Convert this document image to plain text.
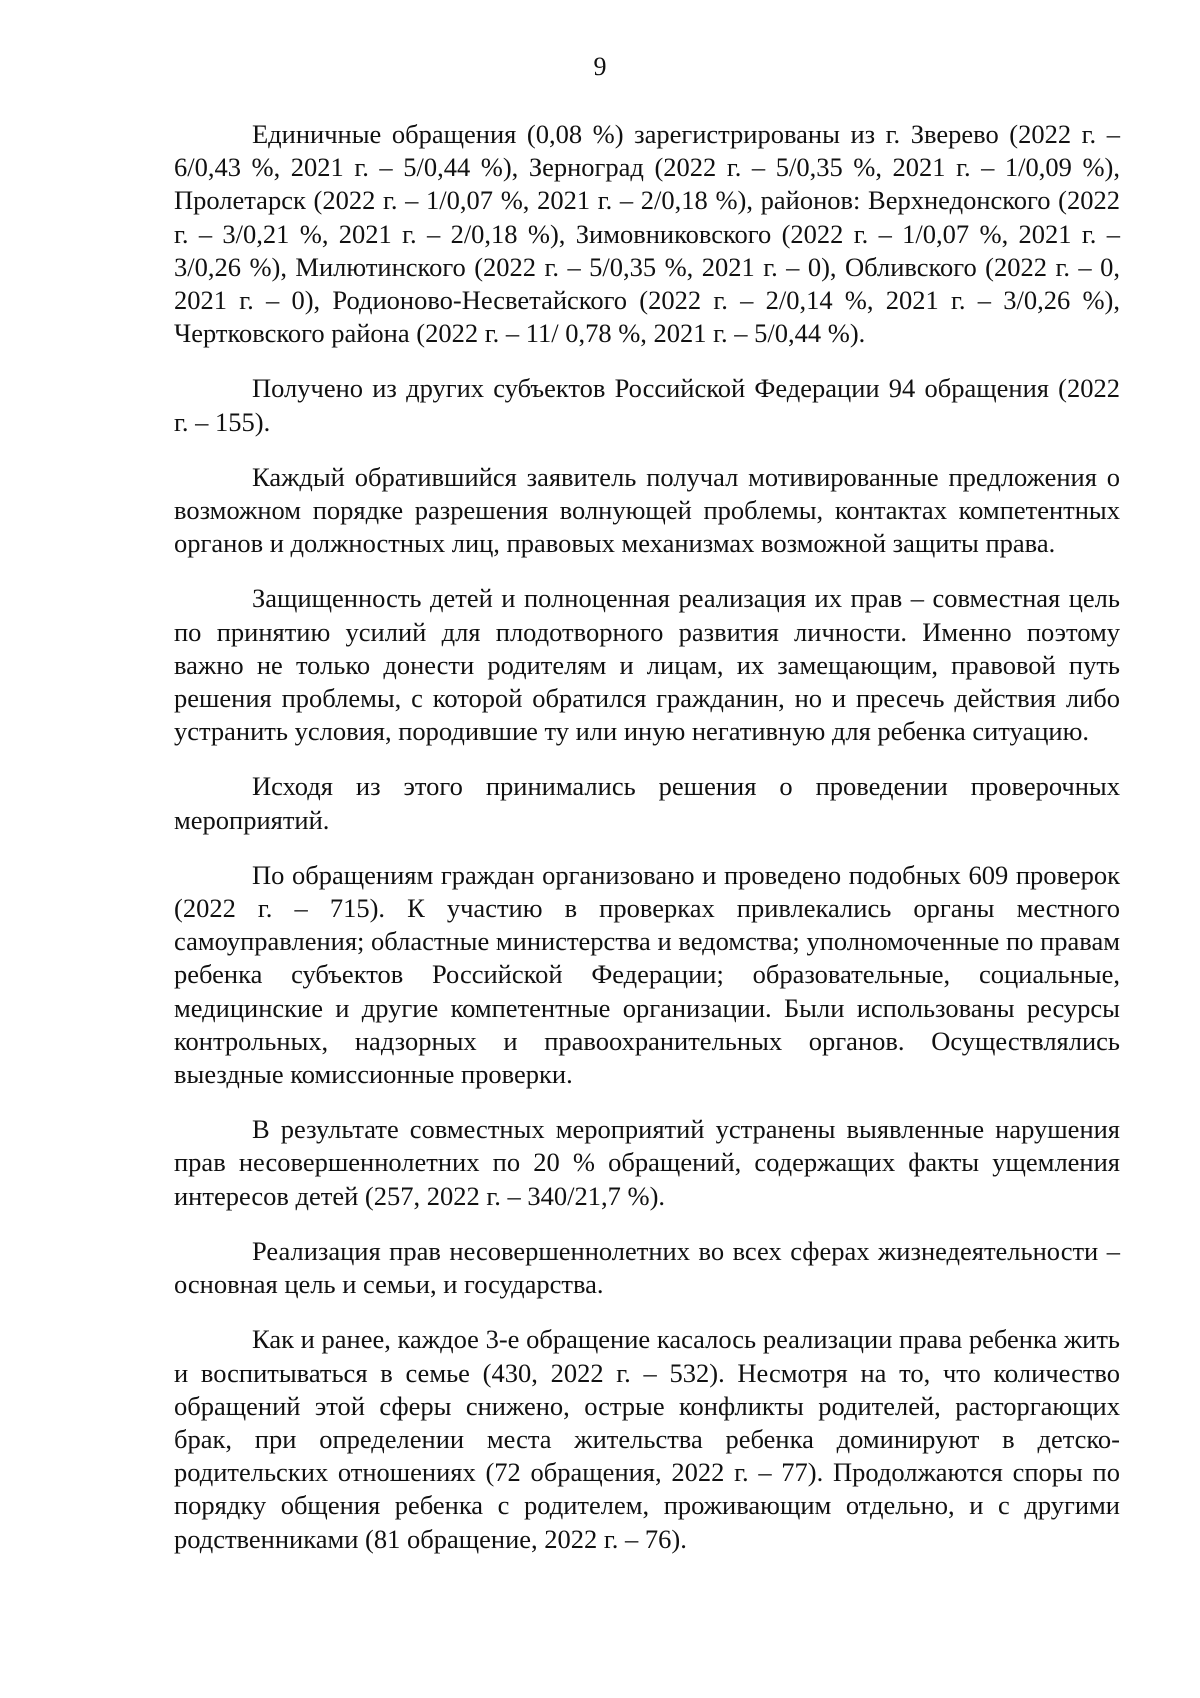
9

Единичные обращения (0,08 %) зарегистрированы из г. Зверево (2022 г. – 6/0,43 %, 2021 г. – 5/0,44 %), Зерноград (2022 г. – 5/0,35 %, 2021 г. – 1/0,09 %), Пролетарск (2022 г. – 1/0,07 %, 2021 г. – 2/0,18 %), районов: Верхнедонского (2022 г. – 3/0,21 %, 2021 г. – 2/0,18 %), Зимовниковского (2022 г. – 1/0,07 %, 2021 г. – 3/0,26 %), Милютинского (2022 г. – 5/0,35 %, 2021 г. – 0), Обливского (2022 г. – 0, 2021 г. – 0), Родионово-Несветайского (2022 г. – 2/0,14 %, 2021 г. – 3/0,26 %), Чертковского района (2022 г. – 11/ 0,78 %, 2021 г. – 5/0,44 %).

Получено из других субъектов Российской Федерации 94 обращения (2022 г. – 155).

Каждый обратившийся заявитель получал мотивированные предложения о возможном порядке разрешения волнующей проблемы, контактах компетентных органов и должностных лиц, правовых механизмах возможной защиты права.

Защищенность детей и полноценная реализация их прав – совместная цель по принятию усилий для плодотворного развития личности. Именно поэтому важно не только донести родителям и лицам, их замещающим, правовой путь решения проблемы, с которой обратился гражданин, но и пресечь действия либо устранить условия, породившие ту или иную негативную для ребенка ситуацию.

Исходя из этого принимались решения о проведении проверочных мероприятий.

По обращениям граждан организовано и проведено подобных 609 проверок (2022 г. – 715). К участию в проверках привлекались органы местного самоуправления; областные министерства и ведомства; уполномоченные по правам ребенка субъектов Российской Федерации; образовательные, социальные, медицинские и другие компетентные организации. Были использованы ресурсы контрольных, надзорных и правоохранительных органов. Осуществлялись выездные комиссионные проверки.

В результате совместных мероприятий устранены выявленные нарушения прав несовершеннолетних по 20 % обращений, содержащих факты ущемления интересов детей (257, 2022 г. – 340/21,7 %).

Реализация прав несовершеннолетних во всех сферах жизнедеятельности – основная цель и семьи, и государства.

Как и ранее, каждое 3-е обращение касалось реализации права ребенка жить и воспитываться в семье (430, 2022 г. – 532). Несмотря на то, что количество обращений этой сферы снижено, острые конфликты родителей, расторгающих брак, при определении места жительства ребенка доминируют в детско-родительских отношениях (72 обращения, 2022 г. – 77). Продолжаются споры по порядку общения ребенка с родителем, проживающим отдельно, и с другими родственниками (81 обращение, 2022 г. – 76).
